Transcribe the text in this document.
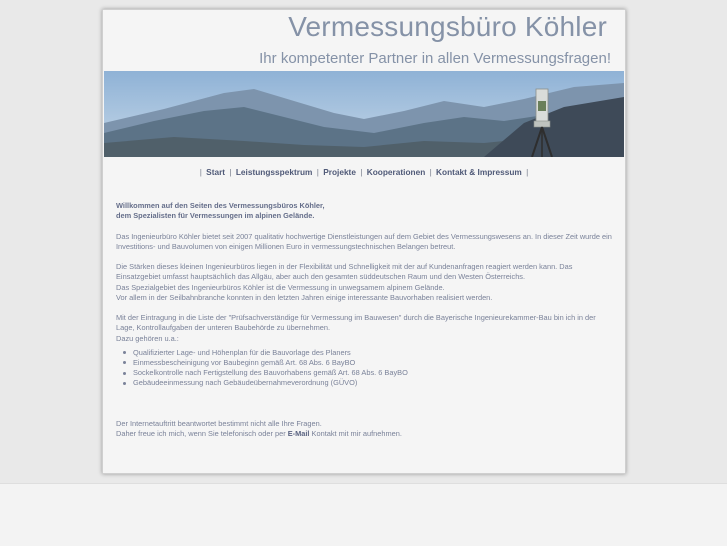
Vermessungsbüro Köhler
Ihr kompetenter Partner in allen Vermessungsfragen!
| Start | Leistungsspektrum | Projekte | Kooperationen | Kontakt & Impressum |

Willkommen auf den Seiten des Vermessungsbüros Köhler,
dem Spezialisten für Vermessungen im alpinen Gelände.

Das Ingenieurbüro Köhler bietet seit 2007 qualitativ hochwertige Dienstleistungen auf dem Gebiet des Vermessungswesens an. In dieser Zeit wurde ein Investitions- und Bauvolumen von einigen Millionen Euro in vermessungstechnischen Belangen betreut.

Die Stärken dieses kleinen Ingenieurbüros liegen in der Flexibilität und Schnelligkeit mit der auf Kundenanfragen reagiert werden kann. Das Einsatzgebiet umfasst hauptsächlich das Allgäu, aber auch den gesamten süddeutschen Raum und den Westen Österreichs.
Das Spezialgebiet des Ingenieurbüros Köhler ist die Vermessung in unwegsamem alpinem Gelände.
Vor allem in der Seilbahnbranche konnten in den letzten Jahren einige interessante Bauvorhaben realisiert werden.

Mit der Eintragung in die Liste der "Prüfsachverständige für Vermessung im Bauwesen" durch die Bayerische Ingenieurekammer-Bau bin ich in der Lage, Kontrollaufgaben der unteren Baubehörde zu übernehmen.
Dazu gehören u.a.:

Qualifizierter Lage- und Höhenplan für die Bauvorlage des Planers
Einmessbescheinigung vor Baubeginn gemäß Art. 68 Abs. 6 BayBO
Sockelkontrolle nach Fertigstellung des Bauvorhabens gemäß Art. 68 Abs. 6 BayBO
Gebäudeeinmessung nach Gebäudeübernahmeverordnung (GÜVO)

Der Internetauftritt beantwortet bestimmt nicht alle Ihre Fragen.
Daher freue ich mich, wenn Sie telefonisch oder per E-Mail Kontakt mit mir aufnehmen.
